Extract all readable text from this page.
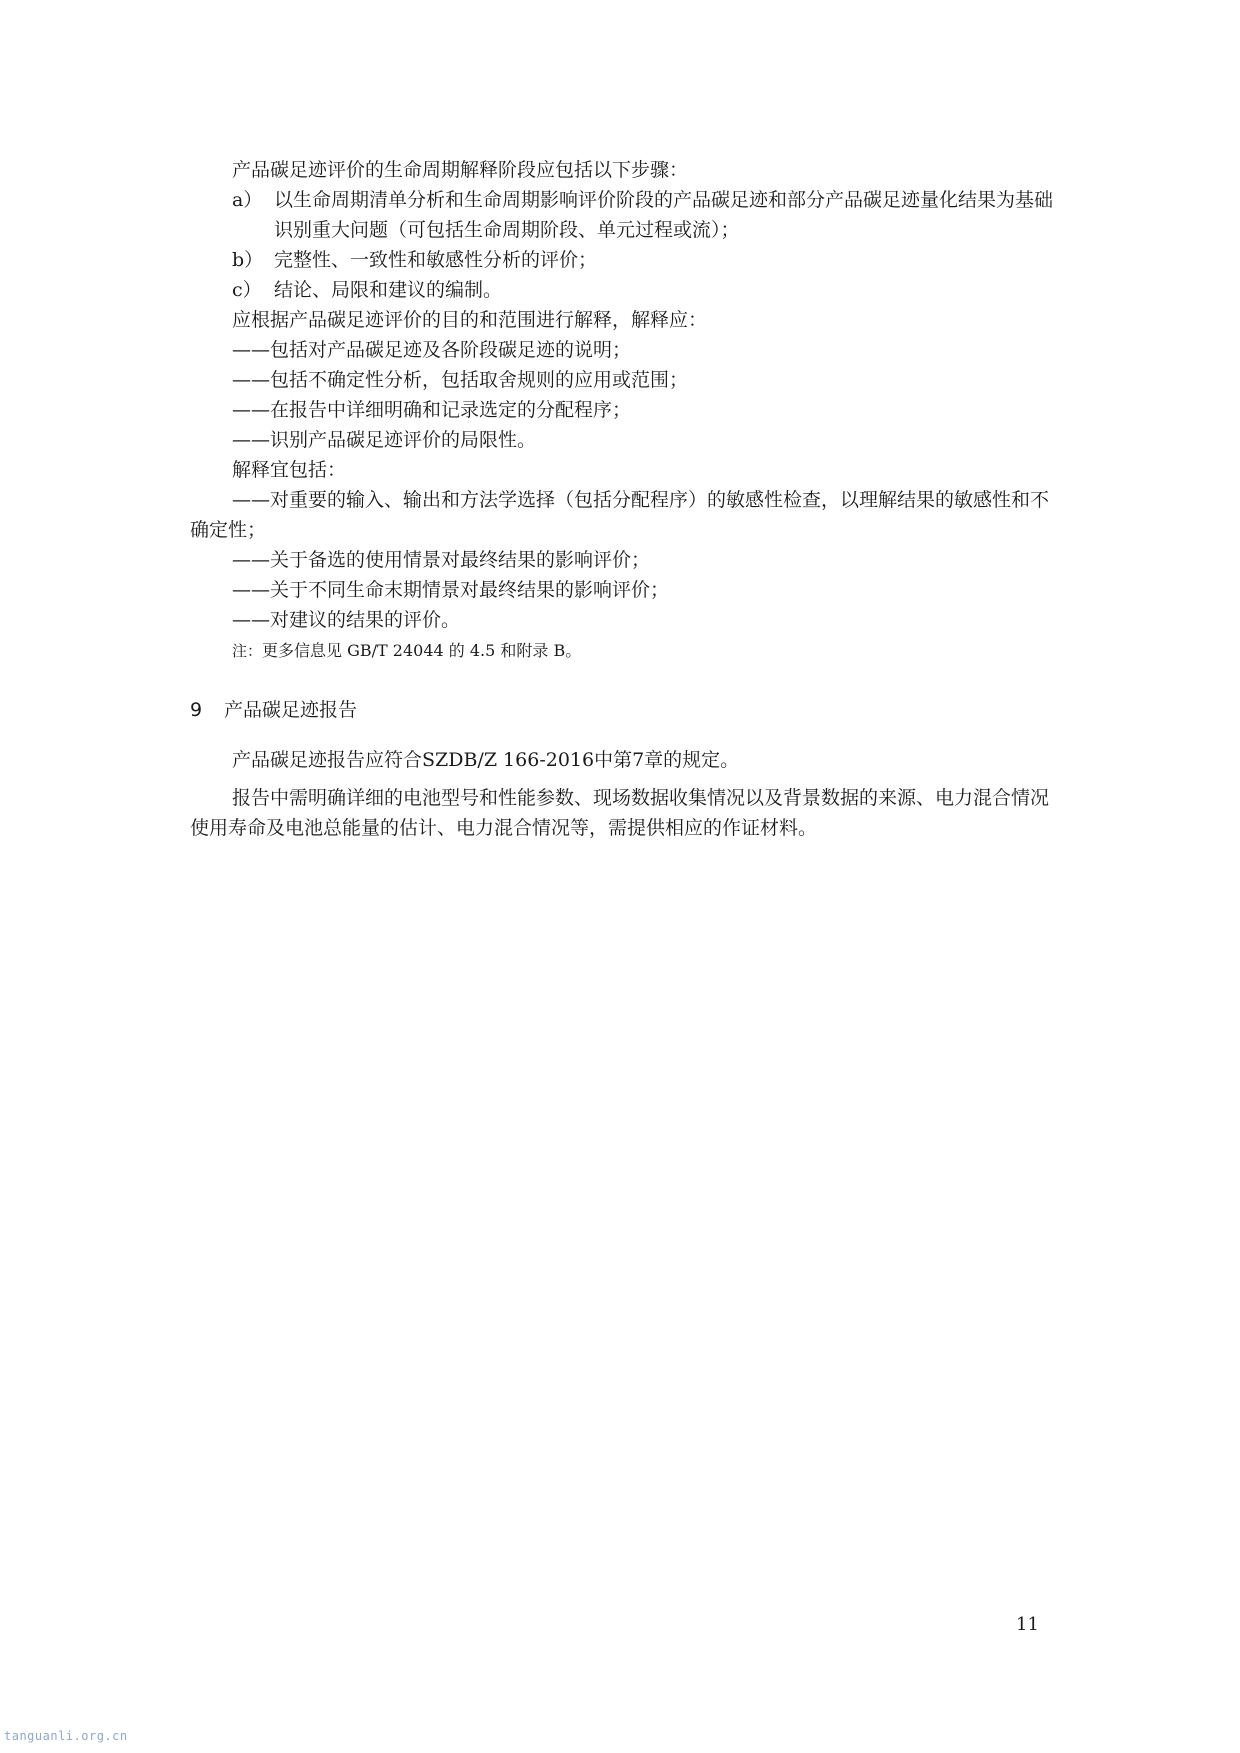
产品碳足迹评价的生命周期解释阶段应包括以下步骤：

a） 以生命周期清单分析和生命周期影响评价阶段的产品碳足迹和部分产品碳足迹量化结果为基础识别重大问题（可包括生命周期阶段、单元过程或流）；

b） 完整性、一致性和敏感性分析的评价；

c） 结论、局限和建议的编制。

应根据产品碳足迹评价的目的和范围进行解释，解释应：

——包括对产品碳足迹及各阶段碳足迹的说明；

——包括不确定性分析，包括取舍规则的应用或范围；

——在报告中详细明确和记录选定的分配程序；

——识别产品碳足迹评价的局限性。

解释宜包括：

——对重要的输入、输出和方法学选择（包括分配程序）的敏感性检查，以理解结果的敏感性和不确定性；

——关于备选的使用情景对最终结果的影响评价；

——关于不同生命末期情景对最终结果的影响评价；

——对建议的结果的评价。

注：更多信息见 GB/T 24044 的 4.5 和附录 B。

9 产品碳足迹报告

产品碳足迹报告应符合SZDB/Z 166-2016中第7章的规定。

报告中需明确详细的电池型号和性能参数、现场数据收集情况以及背景数据的来源、电力混合情况使用寿命及电池总能量的估计、电力混合情况等，需提供相应的作证材料。

11
tanguanli.org.cn
